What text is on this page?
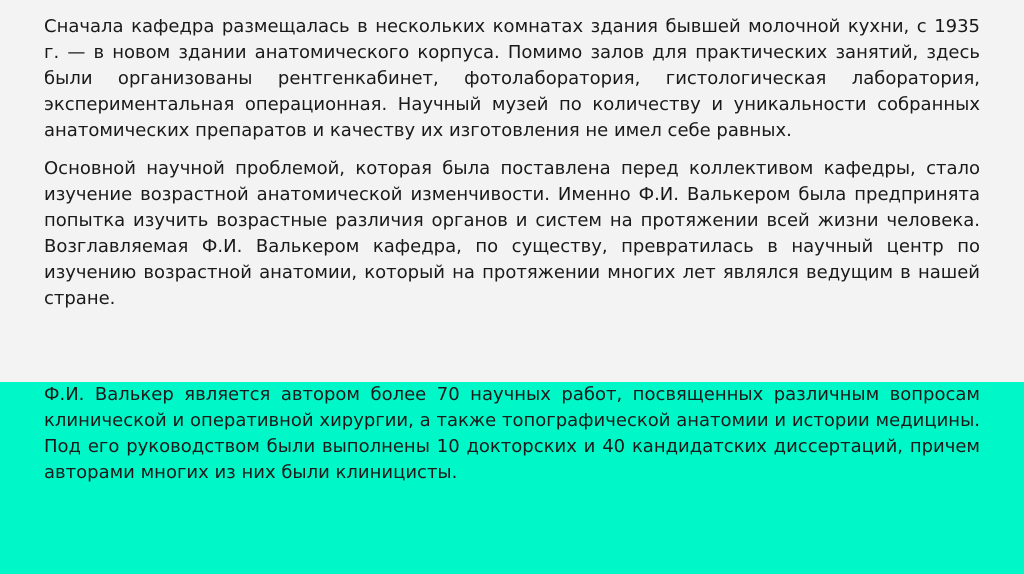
Сначала кафедра размещалась в нескольких комнатах здания бывшей молочной кухни, с 1935 г. — в новом здании анатомического корпуса. Помимо залов для практических занятий, здесь были организованы рентгенкабинет, фотолаборатория, гистологическая лаборатория, экспериментальная операционная. Научный музей по количеству и уникальности собранных анатомических препаратов и качеству их изготовления не имел себе равных.

Основной научной проблемой, которая была поставлена перед коллективом кафедры, стало изучение возрастной анатомической изменчивости. Именно Ф.И. Валькером была предпринята попытка изучить возрастные различия органов и систем на протяжении всей жизни человека. Возглавляемая Ф.И. Валькером кафедра, по существу, превратилась в научный центр по изучению возрастной анатомии, который на протяжении многих лет являлся ведущим в нашей стране.

Ф.И. Валькер является автором более 70 научных работ, посвященных различным вопросам клинической и оперативной хирургии, а также топографической анатомии и истории медицины. Под его руководством были выполнены 10 докторских и 40 кандидатских диссертаций, причем авторами многих из них были клиницисты.
